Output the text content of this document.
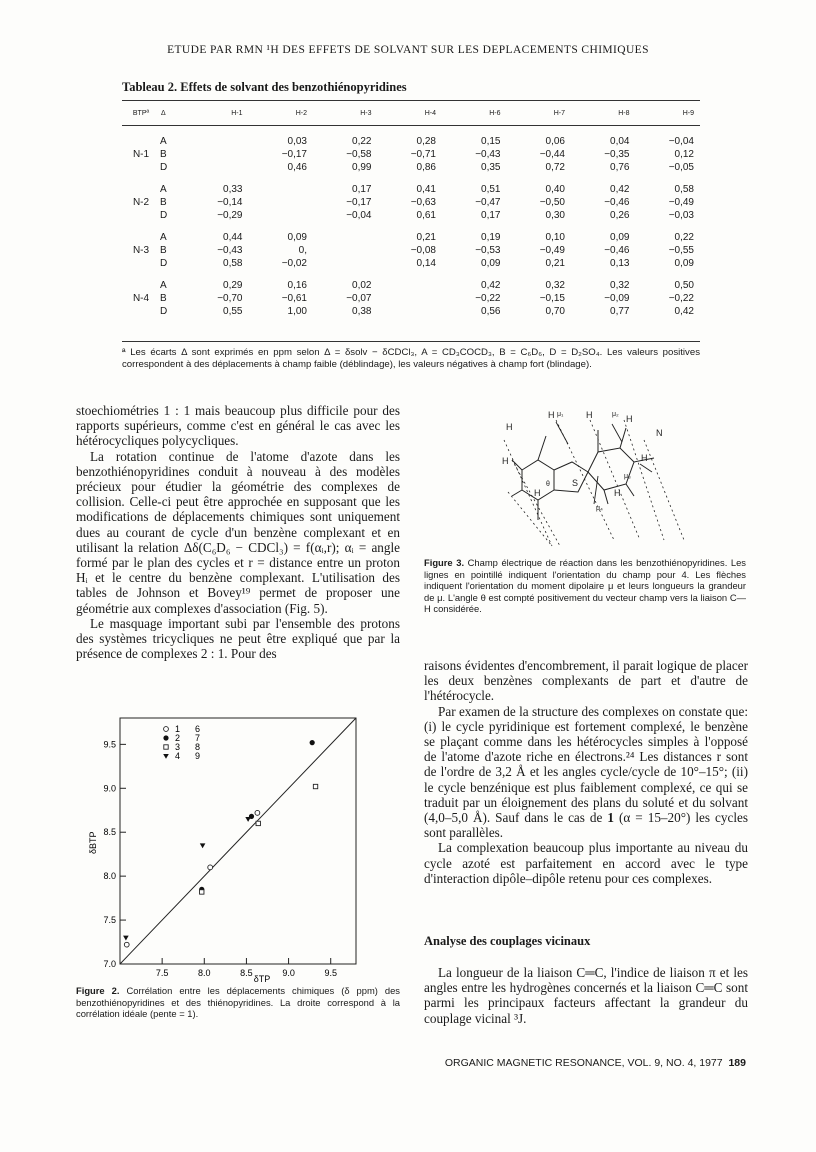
ETUDE PAR RMN ¹H DES EFFETS DE SOLVANT SUR LES DEPLACEMENTS CHIMIQUES
Tableau 2. Effets de solvant des benzothiénopyridines
BTPª	Δ	H-1	H-2	H-3	H-4	H-6	H-7	H-8	H-9

	A		0,03	0,22	0,28	0,15	0,06	0,04	−0,04
N-1	B		−0,17	−0,58	−0,71	−0,43	−0,44	−0,35	0,12
	D		0,46	0,99	0,86	0,35	0,72	0,76	−0,05

	A	0,33		0,17	0,41	0,51	0,40	0,42	0,58
N-2	B	−0,14		−0,17	−0,63	−0,47	−0,50	−0,46	−0,49
	D	−0,29		−0,04	0,61	0,17	0,30	0,26	−0,03

	A	0,44	0,09		0,21	0,19	0,10	0,09	0,22
N-3	B	−0,43	0,		−0,08	−0,53	−0,49	−0,46	−0,55
	D	0,58	−0,02		0,14	0,09	0,21	0,13	0,09

	A	0,29	0,16	0,02		0,42	0,32	0,32	0,50
N-4	B	−0,70	−0,61	−0,07		−0,22	−0,15	−0,09	−0,22
	D	0,55	1,00	0,38		0,56	0,70	0,77	0,42
ª Les écarts Δ sont exprimés en ppm selon Δ = δsolv − δCDCl₃, A = CD₃COCD₃, B = C₆D₆, D = D₂SO₄. Les valeurs positives correspondent à des déplacements à champ faible (déblindage), les valeurs négatives à champ fort (blindage).

stoechiométries 1 : 1 mais beaucoup plus difficile pour des rapports supérieurs, comme c'est en général le cas avec les hétérocycliques polycycliques.

La rotation continue de l'atome d'azote dans les benzothiénopyridines conduit à nouveau à des modèles précieux pour étudier la géométrie des complexes de collision. Celle-ci peut être approchée en supposant que les modifications de déplacements chimiques sont uniquement dues au courant de cycle d'un benzène complexant et en utilisant la relation Δδ(C₆D₆ − CDCl₃) = f(αᵢ,r); αᵢ = angle formé par le plan des cycles et r = distance entre un proton Hᵢ et le centre du benzène complexant. L'utilisation des tables de Johnson et Bovey¹⁹ permet de proposer une géométrie aux complexes d'association (Fig. 5).

Le masquage important subi par l'ensemble des protons des systèmes tricycliques ne peut être expliqué que par la présence de complexes 2 : 1. Pour des

H μ₁	H	μ₂ H
H
N
H
H
μ₃
S
H
θ
μ₄
H
Figure 3. Champ électrique de réaction dans les benzothiénopyridines. Les lignes en pointillé indiquent l'orientation du champ pour 4. Les flèches indiquent l'orientation du moment dipolaire μ et leurs longueurs la grandeur de μ. L'angle θ est compté positivement du vecteur champ vers la liaison C—H considérée.
7.0
7.5
8.0
8.5
9.0
9.5
7.5	8.0	8.5	9.0	9.5
1 6
2 7
3 8
4 9
δBTP
δTP
Figure 2. Corrélation entre les déplacements chimiques (δ ppm) des benzothiénopyridines et des thiénopyridines. La droite correspond à la corrélation idéale (pente = 1).

raisons évidentes d'encombrement, il parait logique de placer les deux benzènes complexants de part et d'autre de l'hétérocycle.

Par examen de la structure des complexes on constate que: (i) le cycle pyridinique est fortement complexé, le benzène se plaçant comme dans les hétérocycles simples à l'opposé de l'atome d'azote riche en électrons.²⁴ Les distances r sont de l'ordre de 3,2 Å et les angles cycle/cycle de 10°–15°; (ii) le cycle benzénique est plus faiblement complexé, ce qui se traduit par un éloignement des plans du soluté et du solvant (4,0–5,0 Å). Sauf dans le cas de 1 (α = 15–20°) les cycles sont parallèles.

La complexation beaucoup plus importante au niveau du cycle azoté est parfaitement en accord avec le type d'interaction dipôle–dipôle retenu pour ces complexes.

Analyse des couplages vicinaux

La longueur de la liaison C═C, l'indice de liaison π et les angles entre les hydrogènes concernés et la liaison C═C sont parmi les principaux facteurs affectant la grandeur du couplage vicinal ³J.

ORGANIC MAGNETIC RESONANCE, VOL. 9, NO. 4, 1977 189
